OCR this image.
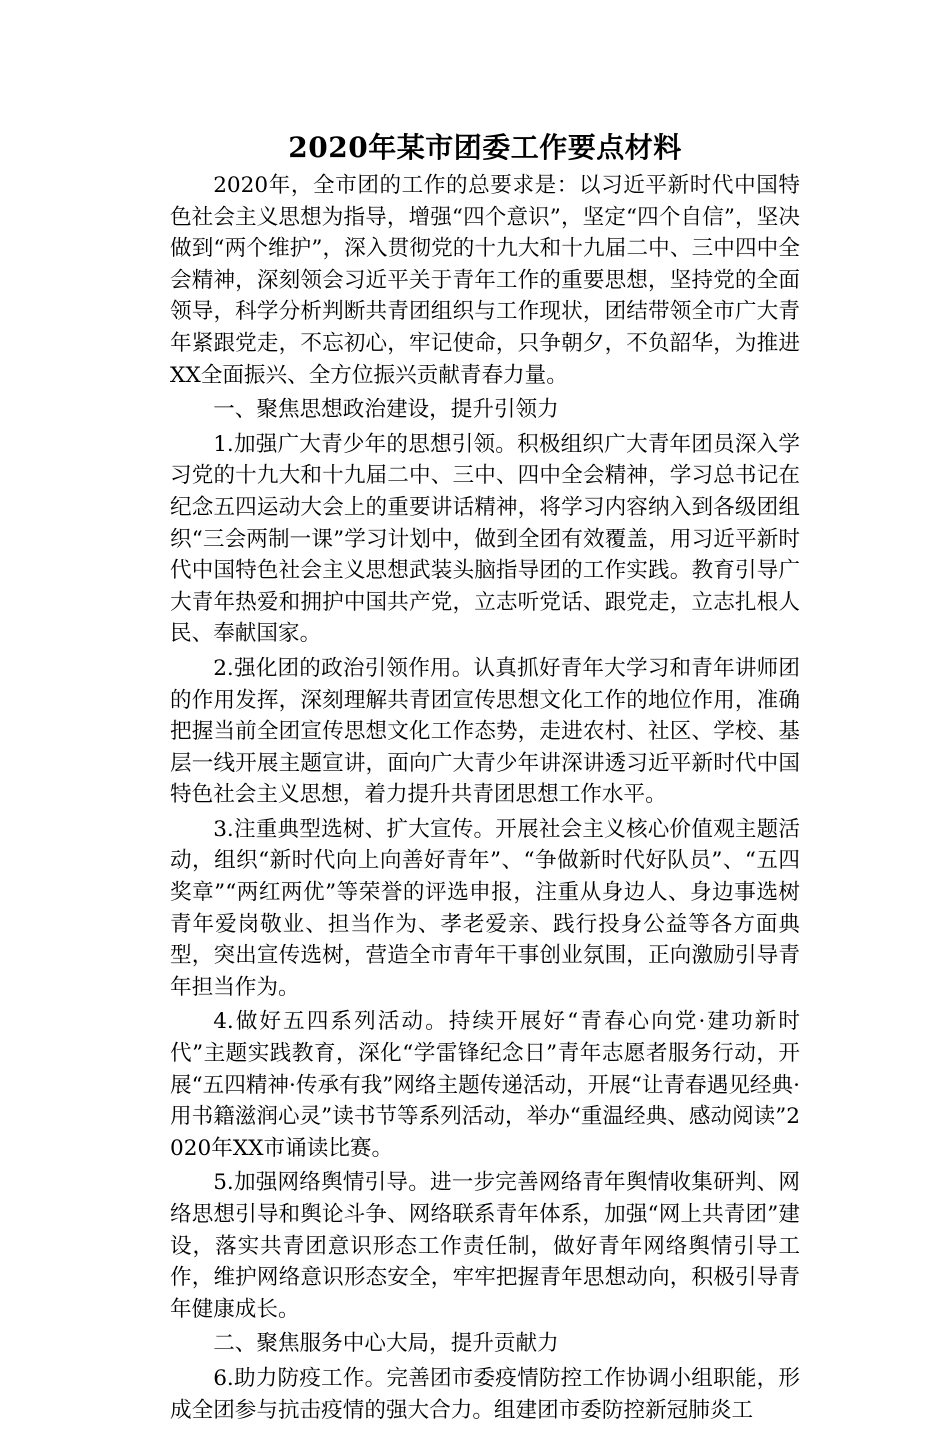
2020年某市团委工作要点材料

2020年，全市团的工作的总要求是：以习近平新时代中国特色社会主义思想为指导，增强“四个意识”，坚定“四个自信”，坚决做到“两个维护”，深入贯彻党的十九大和十九届二中、三中四中全会精神，深刻领会习近平关于青年工作的重要思想，坚持党的全面领导，科学分析判断共青团组织与工作现状，团结带领全市广大青年紧跟党走，不忘初心，牢记使命，只争朝夕，不负韶华，为推进XX全面振兴、全方位振兴贡献青春力量。

一、聚焦思想政治建设，提升引领力

1.加强广大青少年的思想引领。积极组织广大青年团员深入学习党的十九大和十九届二中、三中、四中全会精神，学习总书记在纪念五四运动大会上的重要讲话精神，将学习内容纳入到各级团组织“三会两制一课”学习计划中，做到全团有效覆盖，用习近平新时代中国特色社会主义思想武装头脑指导团的工作实践。教育引导广大青年热爱和拥护中国共产党，立志听党话、跟党走，立志扎根人民、奉献国家。

2.强化团的政治引领作用。认真抓好青年大学习和青年讲师团的作用发挥，深刻理解共青团宣传思想文化工作的地位作用，准确把握当前全团宣传思想文化工作态势，走进农村、社区、学校、基层一线开展主题宣讲，面向广大青少年讲深讲透习近平新时代中国特色社会主义思想，着力提升共青团思想工作水平。

3.注重典型选树、扩大宣传。开展社会主义核心价值观主题活动，组织“新时代向上向善好青年”、“争做新时代好队员”、“五四奖章”“两红两优”等荣誉的评选申报，注重从身边人、身边事选树青年爱岗敬业、担当作为、孝老爱亲、践行投身公益等各方面典型，突出宣传选树，营造全市青年干事创业氛围，正向激励引导青年担当作为。

4.做好五四系列活动。持续开展好“青春心向党·建功新时代”主题实践教育，深化“学雷锋纪念日”青年志愿者服务行动，开展“五四精神·传承有我”网络主题传递活动，开展“让青春遇见经典·用书籍滋润心灵”读书节等系列活动，举办“重温经典、感动阅读”2020年XX市诵读比赛。

5.加强网络舆情引导。进一步完善网络青年舆情收集研判、网络思想引导和舆论斗争、网络联系青年体系，加强“网上共青团”建设，落实共青团意识形态工作责任制，做好青年网络舆情引导工作，维护网络意识形态安全，牢牢把握青年思想动向，积极引导青年健康成长。

二、聚焦服务中心大局，提升贡献力

6.助力防疫工作。完善团市委疫情防控工作协调小组职能，形成全团参与抗击疫情的强大合力。组建团市委防控新冠肺炎工
